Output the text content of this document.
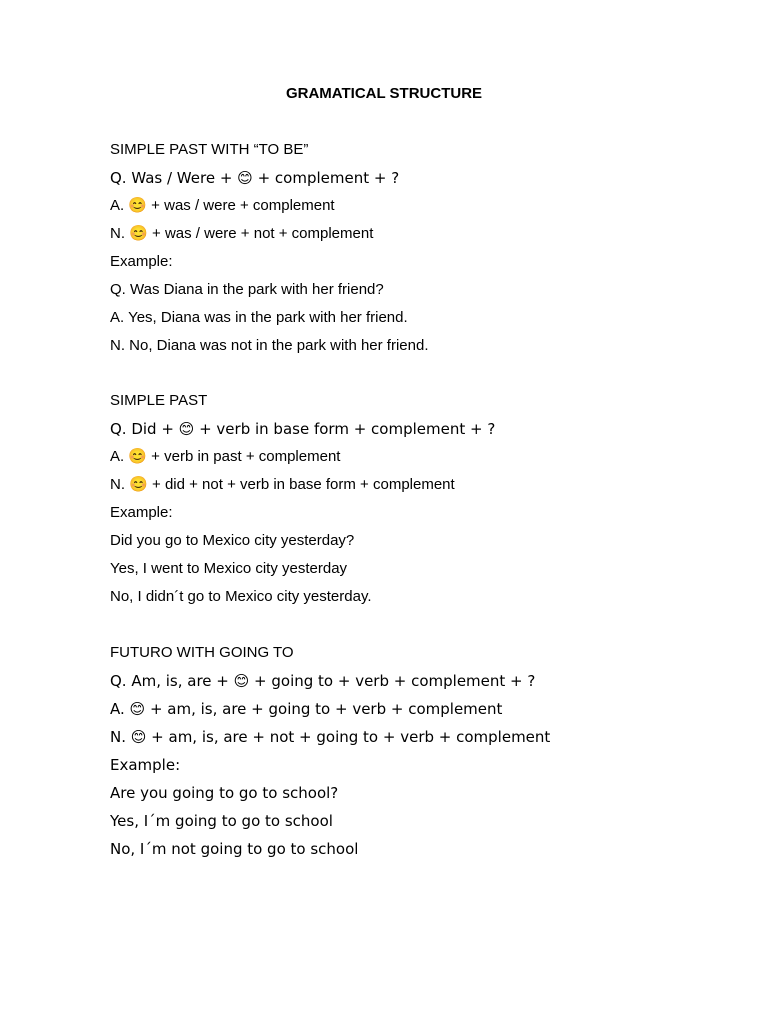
GRAMATICAL STRUCTURE
SIMPLE PAST WITH “TO BE”
Q. Was / Were + 😊 + complement + ?
A. 😊 + was / were + complement
N. 😊 + was / were + not + complement
Example:
Q. Was Diana in the park with her friend?
A. Yes, Diana was in the park with her friend.
N. No, Diana was not in the park with her friend.
SIMPLE PAST
Q. Did + 😊 + verb in base form + complement + ?
A. 😊 + verb in past + complement
N. 😊 + did + not + verb in base form + complement
Example:
Did you go to Mexico city yesterday?
Yes, I went to Mexico city yesterday
No, I didn´t go to Mexico city yesterday.
FUTURO WITH GOING TO
Q. Am, is, are + 😊 + going to + verb + complement + ?
A. 😊 + am, is, are + going to + verb + complement
N. 😊 + am, is, are + not + going to + verb + complement
Example:
Are you going to go to school?
Yes, I´m going to go to school
No, I´m not going to go to school
